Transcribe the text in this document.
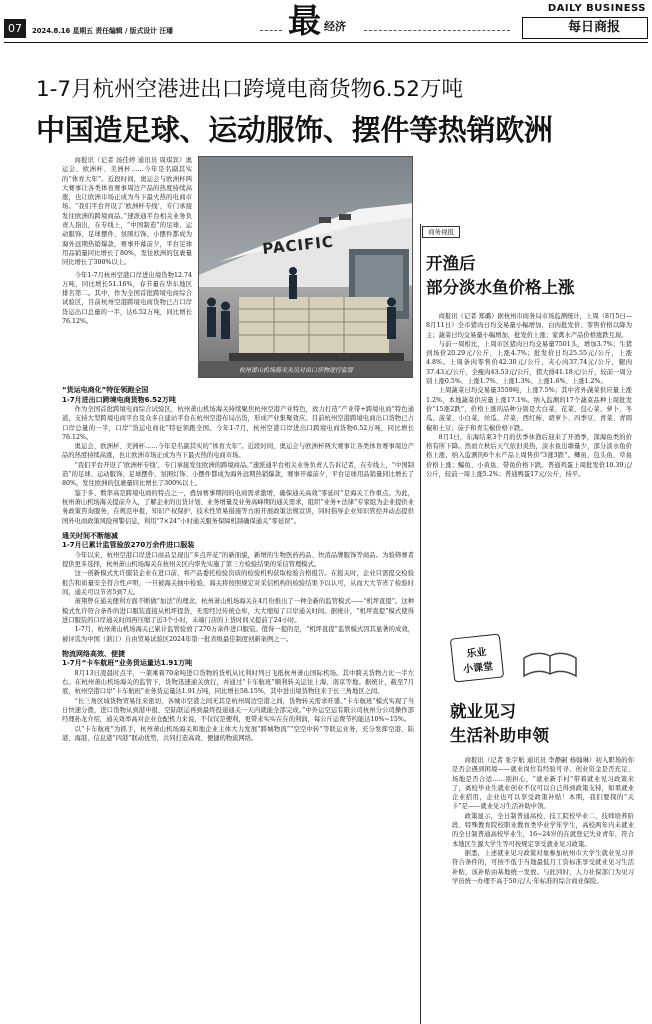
07	2024.8.16 星期五 责任编辑 / 版式设计 汪璠	最 经济
DAILY BUSINESS
每日商报
1-7月杭州空港进出口跨境电商货物6.52万吨
中国造足球、运动服饰、摆件等热销欧洲

商报讯（记者 汤佳婷 通讯员 周琪宾）奥运会、欧洲杯、美洲杯……今年是名副其实的“体育大年”。近段时间，奥运会与欧洲杯两大赛事让各类体育赛事周边产品的热度持续高涨，也让欧洲市场正成为当下最火热的电商市场。“我们平台开设了‘欧洲杯专线’，专门承接发往欧洲的跨境商品。”速派通平台相关业务负责人指出，在专线上，“中国制造”的足球、运动服饰、足球摆件、氛围灯饰、小摆件都成为海外远期热销爆款，赛事开幕前夕，平台足球用品销量同比增长了80%，发往欧洲的包裹量同比增长了300%以上。

今年1-7月杭州空港口岸进出境货物12.74万吨，同比增长51.16%，春节量在华东地区排名第二。其中，作为全国首批跨境电商综合试验区，目前杭州空港跨境电商货物已占口岸货运出口总量的一半，达6.52万吨，同比增长76.12%。

PACIFIC
杭州萧山机场海关关员对出口货物进行监管
“货运电商化”特征领跑全国
1-7月进出口跨境电商货物6.52万吨

作为全国首批跨境电商综合试验区，杭州萧山机场海关持续聚焦杭州空港产业特色，致力打造“产业带+跨境电商”特色通道，支持大型跨境电商平台及众多自建站平台在杭州空港布局出货，形成产业集聚效应。目前杭州空港跨境电商出口货物已占口岸总量的一半，口岸“货运电商化”特征领跑全国。今年1-7月，杭州空港口岸进出口跨境电商货物6.52万吨，同比增长76.12%。

奥运会、欧洲杯、美洲杯……今年是名副其实的“体育大年”。近段时间，奥运会与欧洲杯两大赛事让各类体育赛事周边产品的热度持续高涨，也让欧洲市场正成为当下最火热的电商市场。

“我们平台开设了‘欧洲杯专线’，专门承接发往欧洲的跨境商品。”速派通平台相关业务负责人告诉记者，在专线上，“中国制造”的足球、运动服饰、足球摆件、氛围灯饰、小摆件都成为海外远期热销爆款，赛事开幕前夕，平台足球用品销量同比增长了80%，发往欧洲的包裹量同比增长了300%以上。

鉴于多、数率高是跨境电商的特点之一，叠加赛事期间的电商需求激增，确保通关高效“零延时”是海关工作重点。为此，杭州萧山机场海关提前介入，了解企业的出货计划、业务增量及业务高峰期的通关需求，组织“业务+法律”专家组为企业提供业务政策咨询服务，在规范申报、知识产权保护、技术性贸易措施等方面开展政策法规宣讲，同时指导企业知识管控并动态提供国外电商政策风险预警信息，利用“7×24”小时通关服务保障机制确保通关“零延误”。

通关时间不断缩减
1-7月已累计监管验放270万余件进口服装

今年以来，杭州空港口岸进口商品呈现出“多点开花”的新面貌，新增的生物医药药品、快消品牌服饰等商品。为验筛赛者提供更多选择，杭州萧山机场海关在杭州关区内率先实施了第三方检验结果的采信管理模式。

这一创新模式允许服装企业在进口前，将产品委托检验资质的检验机构获取检验合格报告。在报关时，企业只需提交检验报告和质量安全符合性声明，一旦被海关抽中检验，海关将按照规定对采信机构的检验结果予以认可，从而大大节省了检验时间，通关可以节省5到7天。

萧翔曾在通关便利方面不断做“加法”的理念，杭州萧山机场海关在4月份推出了一种全新的监管模式——“机坪直提”。这种模式允许符合条件的进口服装直接从机坪提货，无需经过传统仓库，大大缩短了口岸通关时间。据统计，“机坪直提”模式使得进口服装的口岸通关时间再压缩了近3个小时，未端门店的上货时间又提前了24小时。

1-7月，杭州萧山机场海关已累计监管验放了270万余件进口服装。值得一提的是，“机坪直提”监管模式因其显著的成效，被评选为中国（浙江）自由贸易试验区2024年第一批省级最佳制度创新案例之一。

物流网络高效、便捷
1-7月“卡车航班”业务货运量达1.91万吨

8月13日凌晨时点半，一架乘着70余吨进口货物的货机从比利时列日飞抵杭州萧山国际机场。其中跨关货物占比一半左右。在杭州萧山机场海关的监管下，货物迅速通关放行，并通过“卡车航班”顺利转关运往上海、南京等地。据统计，截至7月底，杭州空港口岸“卡车航班”业务货运量达1.91万吨，同比增长58.15%，其中进出境货物往来于长三角地区之间。

“长三角区域货物贸易往来密切，各城市空港之间无其是杭州周边空港之间，货物转关需求旺盛。”卡车航班“模式实现了当日快速分拨，进口货物从到港申报、空陆联运再到最终投递通关一天内就能全部完成。”中外运空运有限公司杭州分公司操作部经理孙龙介绍，通关效率高对企业仓配机力来说，不仅仅是便利，更带来实实在在的利润，每公斤运费节约能达10%~15%。

以“卡车航班”为抓手，杭州萧山机场海关和地企业主体大力发展“跨城物流”“空空中转”等联运业务，充分发挥空港、陆港、海港、信息港“四港”联动优势，共同打造高效、便捷的物流网络。

商务视报
开渔后
部分淡水鱼价格上涨

商报讯（记者 郑璐）据杭州市商务局市场监测统计，上周（8月5日—8月11日）全市猪肉日均交易量小幅增加，白肉批发价、零售价格以降为主；蔬菜日均交易量小幅增加，批发价上涨；家禽水产品价格涨跌互现。

与前一周相比，上周市区猪肉日均交易量7501头，增加3.7%；生猪到场价20.29元/公斤，上涨4.7%；批发价日均25.55元/公斤，上涨4.8%。上周条肉零售价42.30元/公斤，夹心肉37.74元/公斤，腿肉37.43元/公斤，全瘦肉43.53元/公斤，猪大排41.18元/公斤，较前一周分别上涨0.5%、上涨1.7%、上涨1.3%、上涨1.6%、上涨1.2%。

上周蔬菜日均交易量3559吨，上涨7.5%；其中省外蔬菜供应量上涨1.2%，本地蔬菜供应量上涨17.1%。纳入监测的17个蔬菜品种上周批发价“15涨2跌”，价格上涨的品种分别是大白菜、花菜、包心菜、萝卜、冬瓜、菠菜、小白菜、丝瓜、芹菜、西红柿、胡萝卜、四季豆、青菜、青圆椒和土豆；茄子和青尖椒价格下跌。

8月1日，东海结束3个月的伏季休渔后迎来了开渔季，深海鱼类的价格有所下降。然而立秋后天气依旧炎热，淡水鱼出塘量少，部分淡水鱼价格上涨，纳入监测的6个水产品上周售价“3涨3跌”。鲫鱼、包头鱼、草鱼价格上涨；鳊鱼、小黄鱼、带鱼价格下跌。普通鸡蛋上周批发价10.39元/公斤，较前一周上涨5.2%；普通鸭蛋17元/公斤，持平。

乐业
小课堂
就业见习
生活补助申领

商报讯（记者 张宇航 通讯员 李静嗣 杨翰琳）初入职场的你是否会遇到困境——就业岗位有经验可寻、创业资金是否充足、场地是否合适……别担心，“就业新手村”带着就业见习政策来了，离校毕业生就业创业不仅可以自己得到政策支持，如果就业企业招用，企业也可以享受政策补贴！本期，我们要探的“关卡”是——就业见习生活补助申领。

政策显示，全日制普通高校、技工院校毕业二、技师培养阶段、特殊教育院校职业教育类毕业学年学生，高校两年内未就业的全日制普通高校毕业生，16~24岁的在就登记失业青年，符合本地区生源大学生等可按规定享受就业见习政策。

据悉，上述就业见习政策对象参加杭州市大学生就业见习并符合条件的，可按不低于当地最低月工资标准享受就业见习生活补贴，该补贴由基地统一发放。与此同时，人力社保部门为见习学员统一办理不高于50元/人·年标准的综合商业保险。
